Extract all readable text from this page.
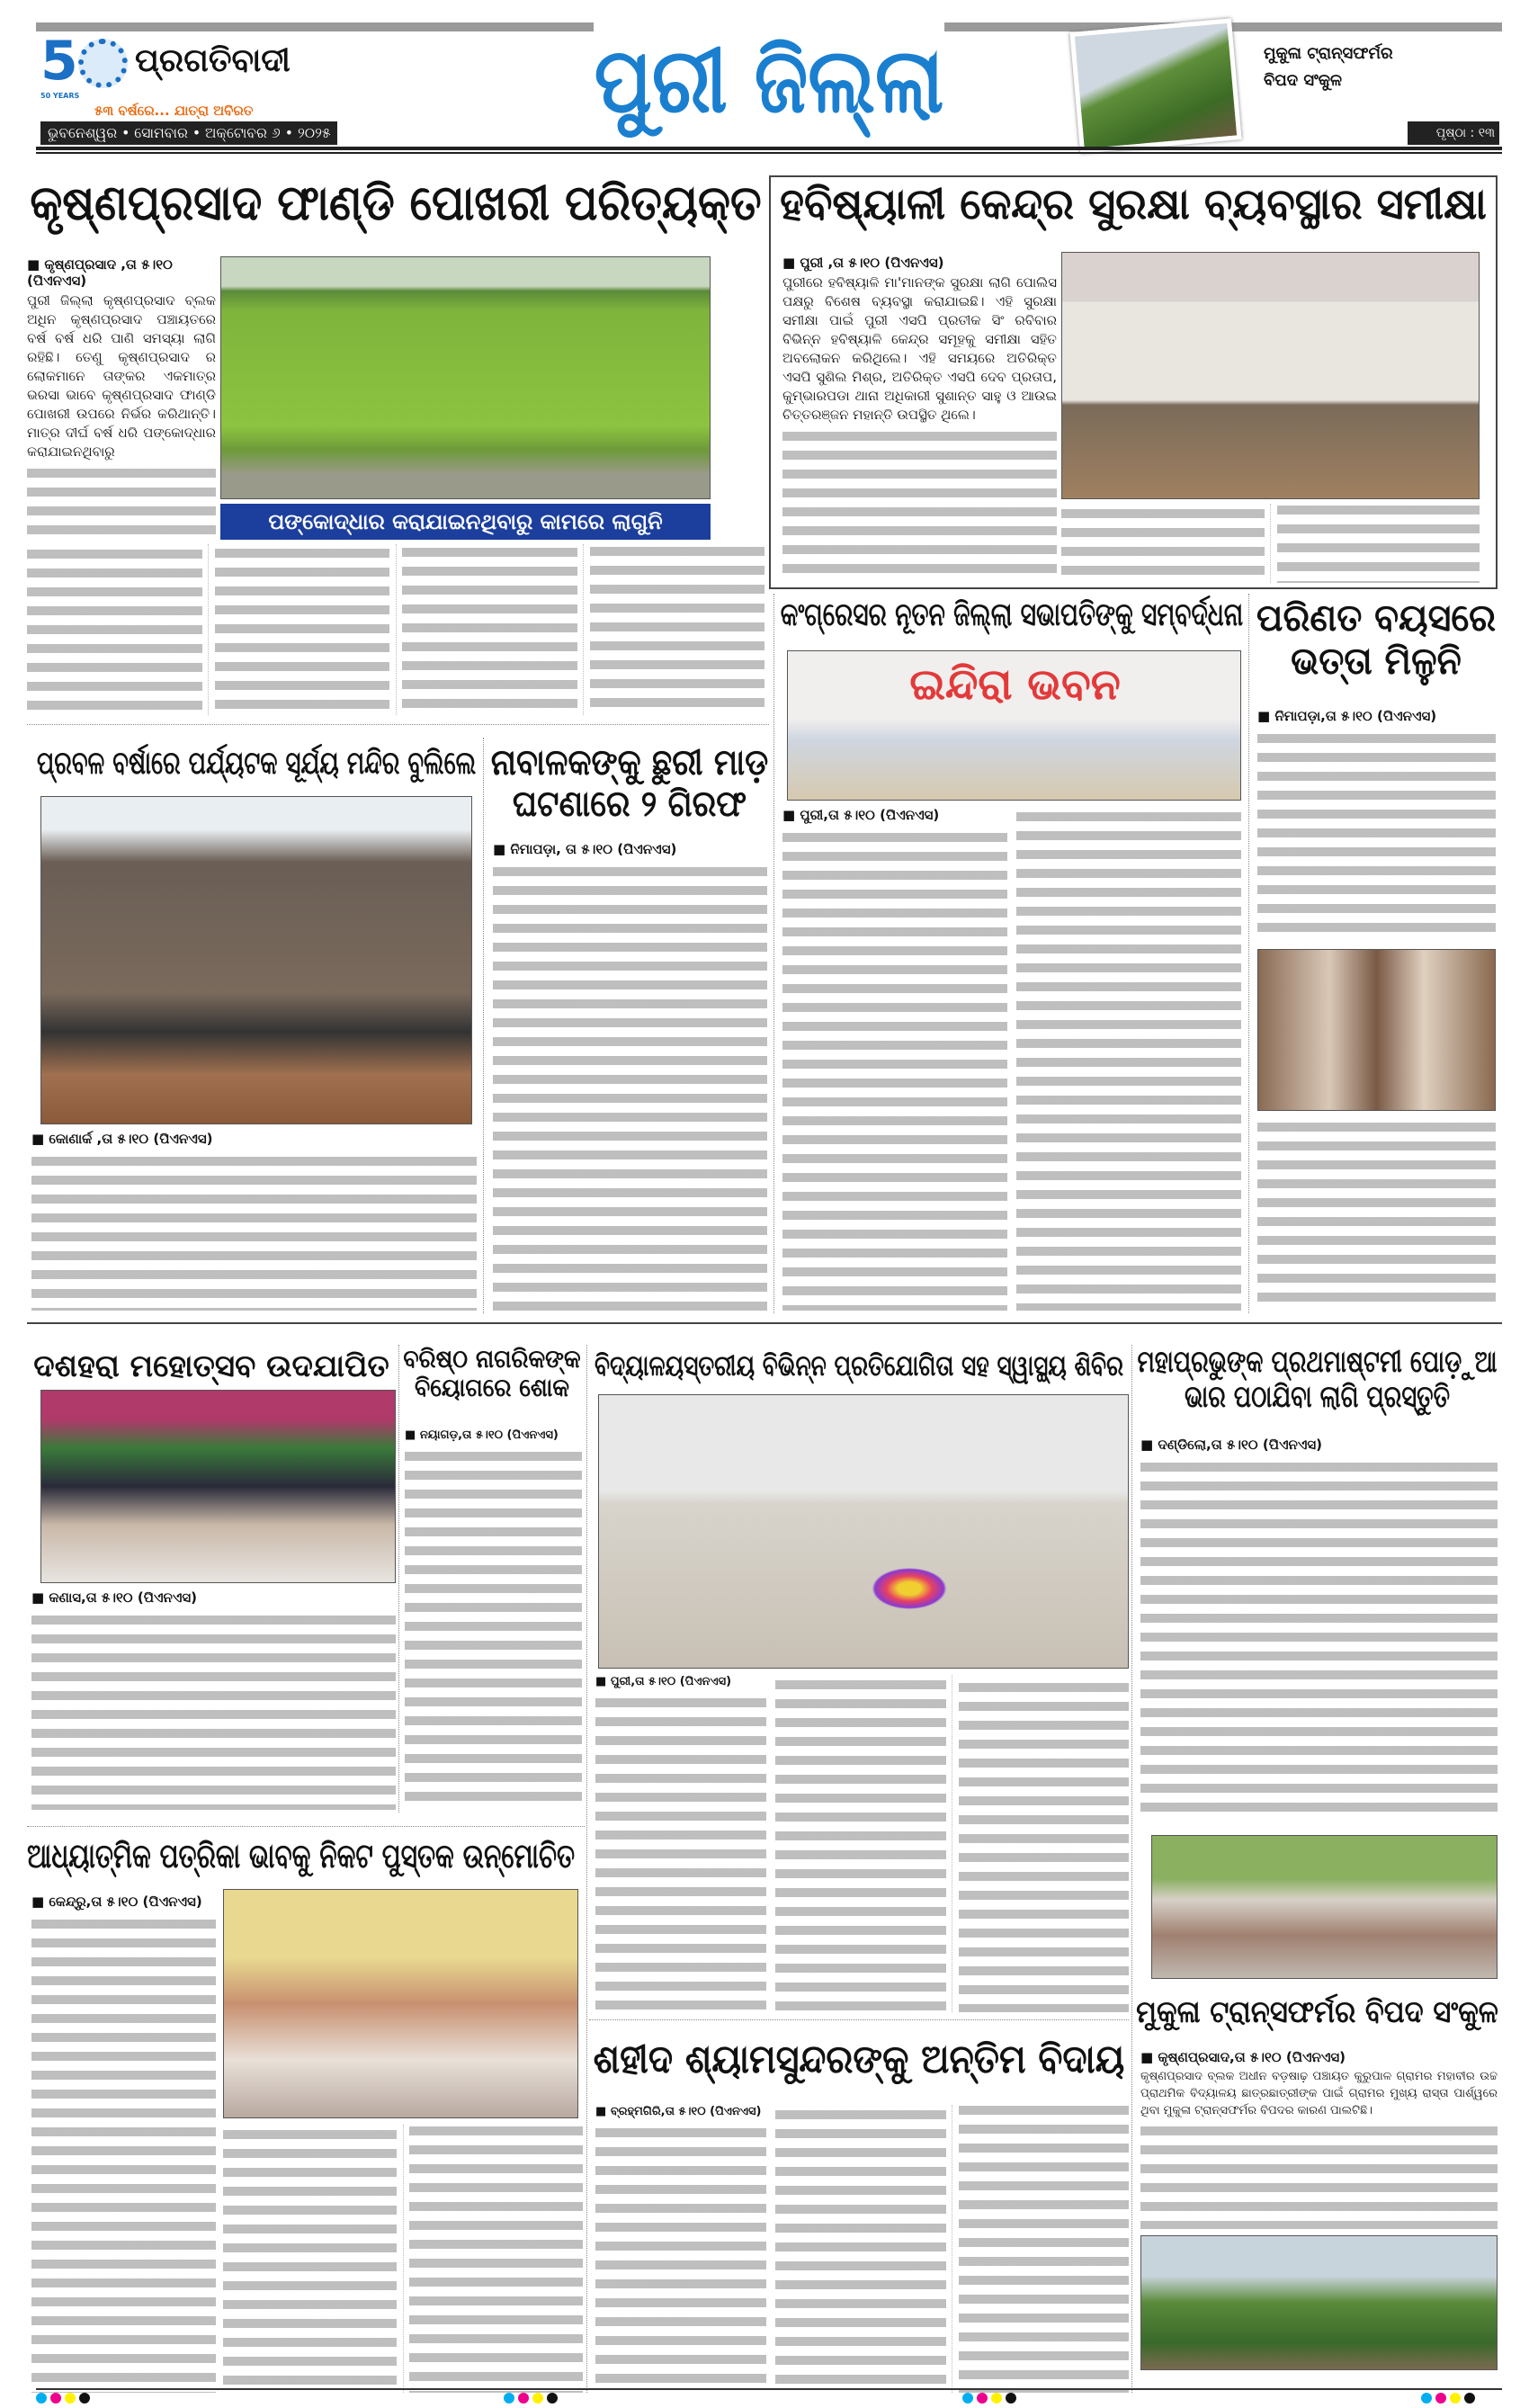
5
50 YEARS
ପ୍ରଗତିବାଦୀ
୫୩ ବର୍ଷରେ... ଯାତ୍ରା ଅବିରତ
ଭୁବନେଶ୍ୱର • ସୋମବାର • ଅକ୍ଟୋବର ୬ • ୨୦୨୫	ପୁରୀ ଜିଲ୍ଲା	ମୁକୁଳା ଟ୍ରାନ୍ସଫର୍ମର ବିପଦ ସଂକୁଳ
ପୃଷ୍ଠା : ୧୩
କୃଷ୍ଣପ୍ରସାଦ ଫାଣ୍ଡି ପୋଖରୀ ପରିତ୍ୟକ୍ତ
■ କୃଷ୍ଣପ୍ରସାଦ ,ତା ୫।୧୦ (ପିଏନଏସ)
ପୁରୀ ଜିଲ୍ଲା କୃଷ୍ଣପ୍ରସାଦ ବ୍ଲକ ଅଧିନ କୃଷ୍ଣପ୍ରସାଦ ପଞ୍ଚାୟତରେ ବର୍ଷ ବର୍ଷ ଧରି ପାଣି ସମସ୍ୟା ଲାଗି ରହିଛି। ତେଣୁ କୃଷ୍ଣପ୍ରସାଦ ର ଲୋକମାନେ ତାଙ୍କର ଏକମାତ୍ର ଭରସା ଭାବେ କୃଷ୍ଣପ୍ରସାଦ ଫାଣ୍ଡି ପୋଖରୀ ଉପରେ ନିର୍ଭର କରିଥାନ୍ତି। ମାତ୍ର ଦୀର୍ଘ ବର୍ଷ ଧରି ପଙ୍କୋଦ୍ଧାର କରାଯାଇନଥିବାରୁ
ପଙ୍କୋଦ୍ଧାର କରାଯାଇନଥିବାରୁ କାମରେ ଲାଗୁନି
ହବିଷ୍ୟାଳୀ କେନ୍ଦ୍ର ସୁରକ୍ଷା ବ୍ୟବସ୍ଥାର ସମୀକ୍ଷା
■ ପୁରୀ ,ତା ୫।୧୦ (ପିଏନଏସ)
ପୁରୀରେ ହବିଷ୍ୟାଳି ମା'ମାନଙ୍କ ସୁରକ୍ଷା ଲାଗି ପୋଲିସ ପକ୍ଷରୁ ବିଶେଷ ବ୍ୟବସ୍ଥା କରାଯାଇଛି। ଏହି ସୁରକ୍ଷା ସମୀକ୍ଷା ପାଇଁ ପୁରୀ ଏସପି ପ୍ରତୀକ ସିଂ ରବିବାର ବିଭିନ୍ନ ହବିଷ୍ୟାଳି କେନ୍ଦ୍ର ସମୂହକୁ ସମୀକ୍ଷା ସହିତ ଅବଲୋକନ କରିଥିଲେ। ଏହି ସମୟରେ ଅତିରିକ୍ତ ଏସପି ସୁଶିଲ ମିଶ୍ର, ଅତିରିକ୍ତ ଏସପି ଦେବ ପ୍ରତାପ, କୁମ୍ଭାରପଡା ଥାନା ଅଧିକାରୀ ସୁଶାନ୍ତ ସାହୁ ଓ ଆଉଇ ଚିତ୍ତରଞ୍ଜନ ମହାନ୍ତି ଉପସ୍ଥିତ ଥିଲେ।
ପ୍ରବଳ ବର୍ଷାରେ ପର୍ଯ୍ୟଟକ ସୂର୍ଯ୍ୟ ମନ୍ଦିର ବୁଲିଲେ
■ କୋଣାର୍କ ,ତା ୫।୧୦ (ପିଏନଏସ)
ନାବାଳକଙ୍କୁ ଛୁରୀ ମାଡ଼ ଘଟଣାରେ ୨ ଗିରଫ
■ ନିମାପଡ଼ା, ତା ୫।୧୦ (ପିଏନଏସ)
କଂଗ୍ରେସର ନୂତନ ଜିଲ୍ଲା ସଭାପତିଙ୍କୁ ସମ୍ବର୍ଦ୍ଧନା
ଇନ୍ଦିରା ଭବନ
■ ପୁରୀ,ତା ୫।୧୦ (ପିଏନଏସ)
ପରିଣତ ବୟସରେ ଭତ୍ତା ମିଳୁନି
■ ନିମାପଡ଼ା,ତା ୫।୧୦ (ପିଏନଏସ)
ଦଶହରା ମହୋତ୍ସବ ଉଦଯାପିତ
■ କଣାସ,ତା ୫।୧୦ (ପିଏନଏସ)
ବରିଷ୍ଠ ନାଗରିକଙ୍କ ବିୟୋଗରେ ଶୋକ
■ ନୟାଗଡ଼,ତା ୫।୧୦ (ପିଏନଏସ)
ବିଦ୍ୟାଳୟସ୍ତରୀୟ ବିଭିନ୍ନ ପ୍ରତିଯୋଗିତା ସହ ସ୍ୱାସ୍ଥ୍ୟ ଶିବିର
■ ପୁରୀ,ତା ୫।୧୦ (ପିଏନଏସ)
ମହାପ୍ରଭୁଙ୍କ ପ୍ରଥମାଷ୍ଟମୀ ପୋଡ଼ୁଆ ଭାର ପଠାଯିବା ଲାଗି ପ୍ରସ୍ତୁତି
■ ଦଣ୍ଡିଲୋ,ତା ୫।୧୦ (ପିଏନଏସ)
ଆଧ୍ୟାତ୍ମିକ ପତ୍ରିକା ଭାବକୁ ନିକଟ ପୁସ୍ତକ ଉନ୍ମୋଚିତ
■ କେନ୍ଦ୍ରୁ,ତା ୫।୧୦ (ପିଏନଏସ)
ଶହୀଦ ଶ୍ୟାମସୁନ୍ଦରଙ୍କୁ ଅନ୍ତିମ ବିଦାୟ
■ ବ୍ରହ୍ମଗିରି,ତା ୫।୧୦ (ପିଏନଏସ)
ମୁକୁଳା ଟ୍ରାନ୍ସଫର୍ମର ବିପଦ ସଂକୁଳ
■ କୃଷ୍ଣପ୍ରସାଦ,ତା ୫।୧୦ (ପିଏନଏସ)
କୃଷ୍ଣପ୍ରସାଦ ବ୍ଲକ ଅଧୀନ ବଡ଼ଷାଢ଼ ପଞ୍ଚାୟତ କୁରୁପାଳ ଗ୍ରାମର ମହାବୀର ଉଚ୍ଚ ପ୍ରାଥମିକ ବିଦ୍ୟାଳୟ ଛାତ୍ରଛାତ୍ରୀଙ୍କ ପାଇଁ ଗ୍ରାମର ମୁଖ୍ୟ ରାସ୍ତା ପାର୍ଶ୍ୱରେ ଥିବା ମୁକୁଳା ଟ୍ରାନ୍ସଫର୍ମର ବିପଦର କାରଣ ପାଲଟିଛି।
